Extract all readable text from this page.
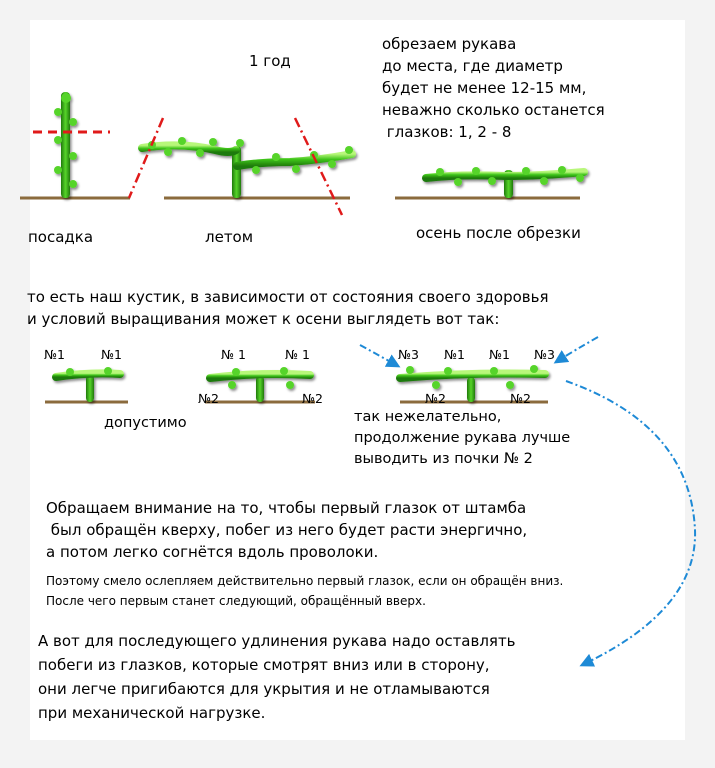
1 год
обрезаем рукава
до места, где диаметр
будет не менее 12-15 мм,
неважно сколько останется
глазков: 1, 2 - 8
посадка	летом	осень после обрезки
то есть наш кустик, в зависимости от состояния своего здоровья
и условий выращивания может к осени выглядеть вот так:
№1	№1
допустимо
№ 1	№ 1
№2	№2
№3 №1 №1 №3
№2	№2
так нежелательно,
продолжение рукава лучше
выводить из почки № 2
Обращаем внимание на то, чтобы первый глазок от штамба
был обращён кверху, побег из него будет расти энергично,
а потом легко согнётся вдоль проволоки.
Поэтому смело ослепляем действительно первый глазок, если он обращён вниз.
После чего первым станет следующий, обращённый вверх.
А вот для последующего удлинения рукава надо оставлять
побеги из глазков, которые смотрят вниз или в сторону,
они легче пригибаются для укрытия и не отламываются
при механической нагрузке.
